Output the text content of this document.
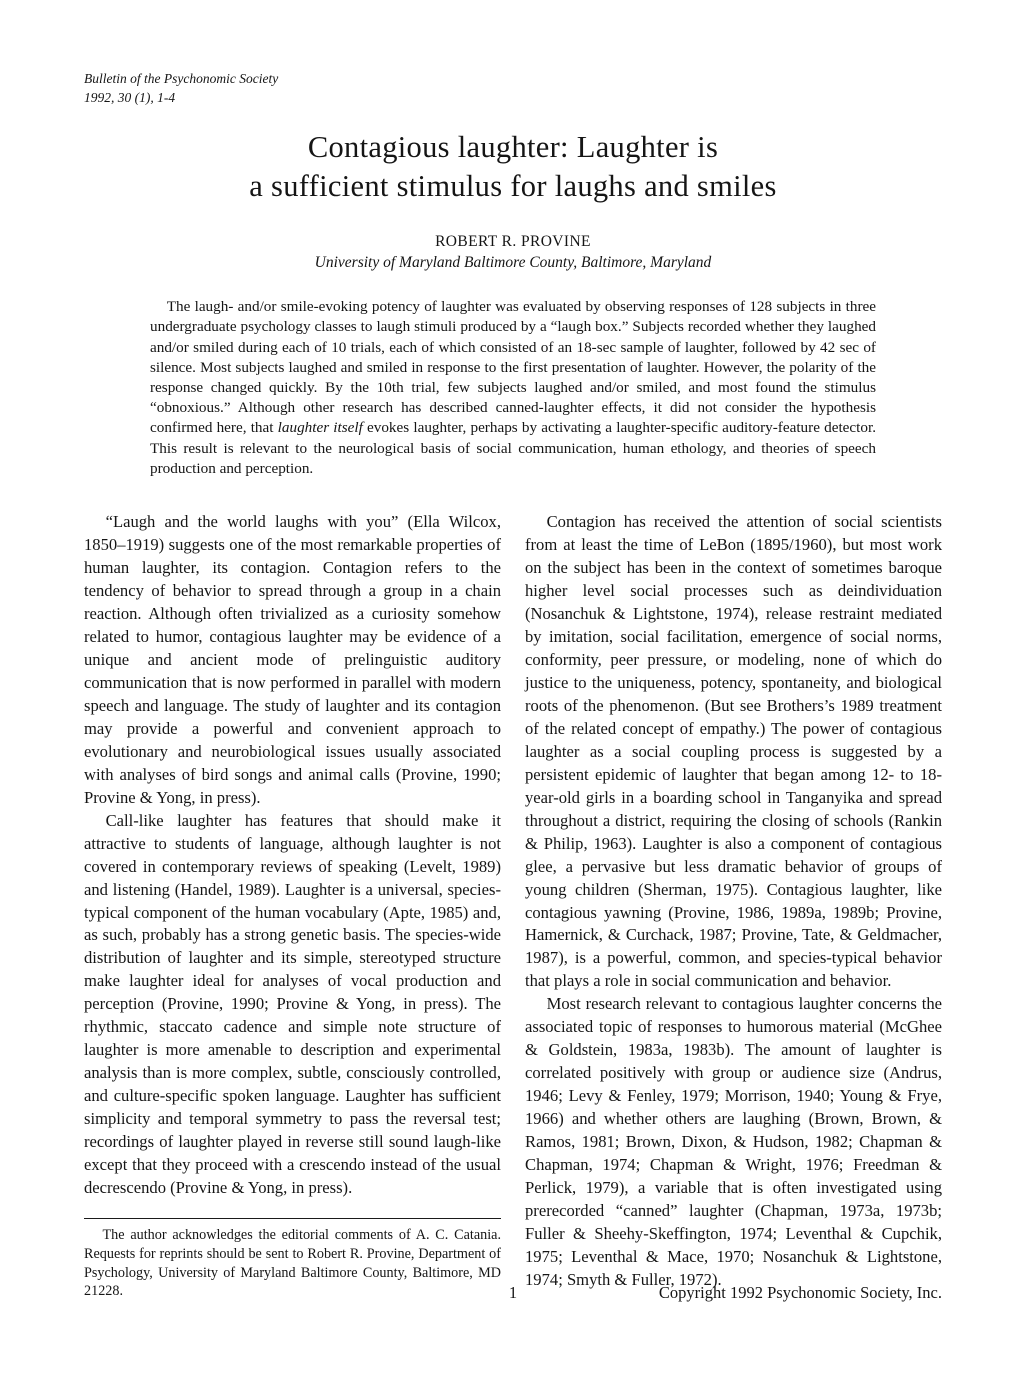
Bulletin of the Psychonomic Society
1992, 30 (1), 1-4
Contagious laughter: Laughter is
a sufficient stimulus for laughs and smiles
ROBERT R. PROVINE
University of Maryland Baltimore County, Baltimore, Maryland

The laugh- and/or smile-evoking potency of laughter was evaluated by observing responses of 128 subjects in three undergraduate psychology classes to laugh stimuli produced by a “laugh box.” Subjects recorded whether they laughed and/or smiled during each of 10 trials, each of which consisted of an 18-sec sample of laughter, followed by 42 sec of silence. Most subjects laughed and smiled in response to the first presentation of laughter. However, the polarity of the response changed quickly. By the 10th trial, few subjects laughed and/or smiled, and most found the stimulus “obnoxious.” Although other research has described canned-laughter effects, it did not consider the hypothesis confirmed here, that laughter itself evokes laughter, perhaps by activating a laughter-specific auditory-feature detector. This result is relevant to the neurological basis of social communication, human ethology, and theories of speech production and perception.

“Laugh and the world laughs with you” (Ella Wilcox, 1850–1919) suggests one of the most remarkable properties of human laughter, its contagion. Contagion refers to the tendency of behavior to spread through a group in a chain reaction. Although often trivialized as a curiosity somehow related to humor, contagious laughter may be evidence of a unique and ancient mode of prelinguistic auditory communication that is now performed in parallel with modern speech and language. The study of laughter and its contagion may provide a powerful and convenient approach to evolutionary and neurobiological issues usually associated with analyses of bird songs and animal calls (Provine, 1990; Provine & Yong, in press).

Call-like laughter has features that should make it attractive to students of language, although laughter is not covered in contemporary reviews of speaking (Levelt, 1989) and listening (Handel, 1989). Laughter is a universal, species-typical component of the human vocabulary (Apte, 1985) and, as such, probably has a strong genetic basis. The species-wide distribution of laughter and its simple, stereotyped structure make laughter ideal for analyses of vocal production and perception (Provine, 1990; Provine & Yong, in press). The rhythmic, staccato cadence and simple note structure of laughter is more amenable to description and experimental analysis than is more complex, subtle, consciously controlled, and culture-specific spoken language. Laughter has sufficient simplicity and temporal symmetry to pass the reversal test; recordings of laughter played in reverse still sound laugh-like except that they proceed with a crescendo instead of the usual decrescendo (Provine & Yong, in press).

The author acknowledges the editorial comments of A. C. Catania. Requests for reprints should be sent to Robert R. Provine, Department of Psychology, University of Maryland Baltimore County, Baltimore, MD 21228.

Contagion has received the attention of social scientists from at least the time of LeBon (1895/1960), but most work on the subject has been in the context of sometimes baroque higher level social processes such as deindividuation (Nosanchuk & Lightstone, 1974), release restraint mediated by imitation, social facilitation, emergence of social norms, conformity, peer pressure, or modeling, none of which do justice to the uniqueness, potency, spontaneity, and biological roots of the phenomenon. (But see Brothers’s 1989 treatment of the related concept of empathy.) The power of contagious laughter as a social coupling process is suggested by a persistent epidemic of laughter that began among 12- to 18-year-old girls in a boarding school in Tanganyika and spread throughout a district, requiring the closing of schools (Rankin & Philip, 1963). Laughter is also a component of contagious glee, a pervasive but less dramatic behavior of groups of young children (Sherman, 1975). Contagious laughter, like contagious yawning (Provine, 1986, 1989a, 1989b; Provine, Hamernick, & Curchack, 1987; Provine, Tate, & Geldmacher, 1987), is a powerful, common, and species-typical behavior that plays a role in social communication and behavior.

Most research relevant to contagious laughter concerns the associated topic of responses to humorous material (McGhee & Goldstein, 1983a, 1983b). The amount of laughter is correlated positively with group or audience size (Andrus, 1946; Levy & Fenley, 1979; Morrison, 1940; Young & Frye, 1966) and whether others are laughing (Brown, Brown, & Ramos, 1981; Brown, Dixon, & Hudson, 1982; Chapman & Chapman, 1974; Chapman & Wright, 1976; Freedman & Perlick, 1979), a variable that is often investigated using prerecorded “canned” laughter (Chapman, 1973a, 1973b; Fuller & Sheehy-Skeffington, 1974; Leventhal & Cupchik, 1975; Leventhal & Mace, 1970; Nosanchuk & Lightstone, 1974; Smyth & Fuller, 1972).

1	Copyright 1992 Psychonomic Society, Inc.
